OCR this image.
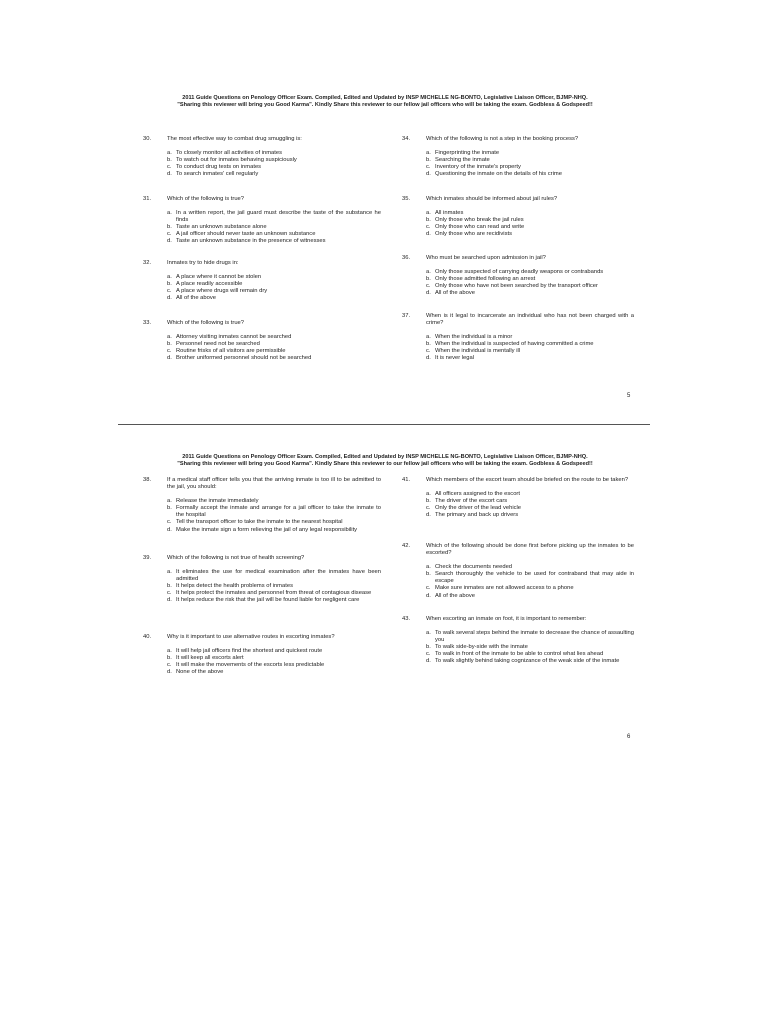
2011 Guide Questions on Penology Officer Exam. Compiled, Edited and Updated by INSP MICHELLE NG-BONTO, Legislative Liaison Officer, BJMP-NHQ.
"Sharing this reviewer will bring you Good Karma". Kindly Share this reviewer to our fellow jail officers who will be taking the exam. Godbless & Godspeed!!
30.	The most effective way to combat drug smuggling is:
a. To closely monitor all activities of inmates
b. To watch out for inmates behaving suspiciously
c. To conduct drug tests on inmates
d. To search inmates' cell regularly
31.	Which of the following is true?
a. In a written report, the jail guard must describe the taste of the substance he finds
b. Taste an unknown substance alone
c. A jail officer should never taste an unknown substance
d. Taste an unknown substance in the presence of witnesses
32.	Inmates try to hide drugs in:
a. A place where it cannot be stolen
b. A place readily accessible
c. A place where drugs will remain dry
d. All of the above
33.	Which of the following is true?
a. Attorney visiting inmates cannot be searched
b. Personnel need not be searched
c. Routine frisks of all visitors are permissible
d. Brother uniformed personnel should not be searched
34.	Which of the following is not a step in the booking process?
a. Fingerprinting the inmate
b. Searching the inmate
c. Inventory of the inmate's property
d. Questioning the inmate on the details of his crime
35.	Which inmates should be informed about jail rules?
a. All inmates
b. Only those who break the jail rules
c. Only those who can read and write
d. Only those who are recidivists
36.	Who must be searched upon admission in jail?
a. Only those suspected of carrying deadly weapons or contrabands
b. Only those admitted following an arrest
c. Only those who have not been searched by the transport officer
d. All of the above
37.	When is it legal to incarcerate an individual who has not been charged with a crime?
a. When the individual is a minor
b. When the individual is suspected of having committed a crime
c. When the individual is mentally ill
d. It is never legal
5
2011 Guide Questions on Penology Officer Exam. Compiled, Edited and Updated by INSP MICHELLE NG-BONTO, Legislative Liaison Officer, BJMP-NHQ.
"Sharing this reviewer will bring you Good Karma". Kindly Share this reviewer to our fellow jail officers who will be taking the exam. Godbless & Godspeed!!
38.	If a medical staff officer tells you that the arriving inmate is too ill to be admitted to the jail, you should:
a. Release the inmate immediately
b. Formally accept the inmate and arrange for a jail officer to take the inmate to the hospital
c. Tell the transport officer to take the inmate to the nearest hospital
d. Make the inmate sign a form relieving the jail of any legal responsibility
39.	Which of the following is not true of health screening?
a. It eliminates the use for medical examination after the inmates have been admitted
b. It helps detect the health problems of inmates
c. It helps protect the inmates and personnel from threat of contagious disease
d. It helps reduce the risk that the jail will be found liable for negligent care
40.	Why is it important to use alternative routes in escorting inmates?
a. It will help jail officers find the shortest and quickest route
b. It will keep all escorts alert
c. It will make the movements of the escorts less predictable
d. None of the above
41.	Which members of the escort team should be briefed on the route to be taken?
a. All officers assigned to the escort
b. The driver of the escort cars
c. Only the driver of the lead vehicle
d. The primary and back up drivers
42.	Which of the following should be done first before picking up the inmates to be escorted?
a. Check the documents needed
b. Search thoroughly the vehicle to be used for contraband that may aide in escape
c. Make sure inmates are not allowed access to a phone
d. All of the above
43.	When escorting an inmate on foot, it is important to remember:
a. To walk several steps behind the inmate to decrease the chance of assaulting you
b. To walk side-by-side with the inmate
c. To walk in front of the inmate to be able to control what lies ahead
d. To walk slightly behind taking cognizance of the weak side of the inmate
6
